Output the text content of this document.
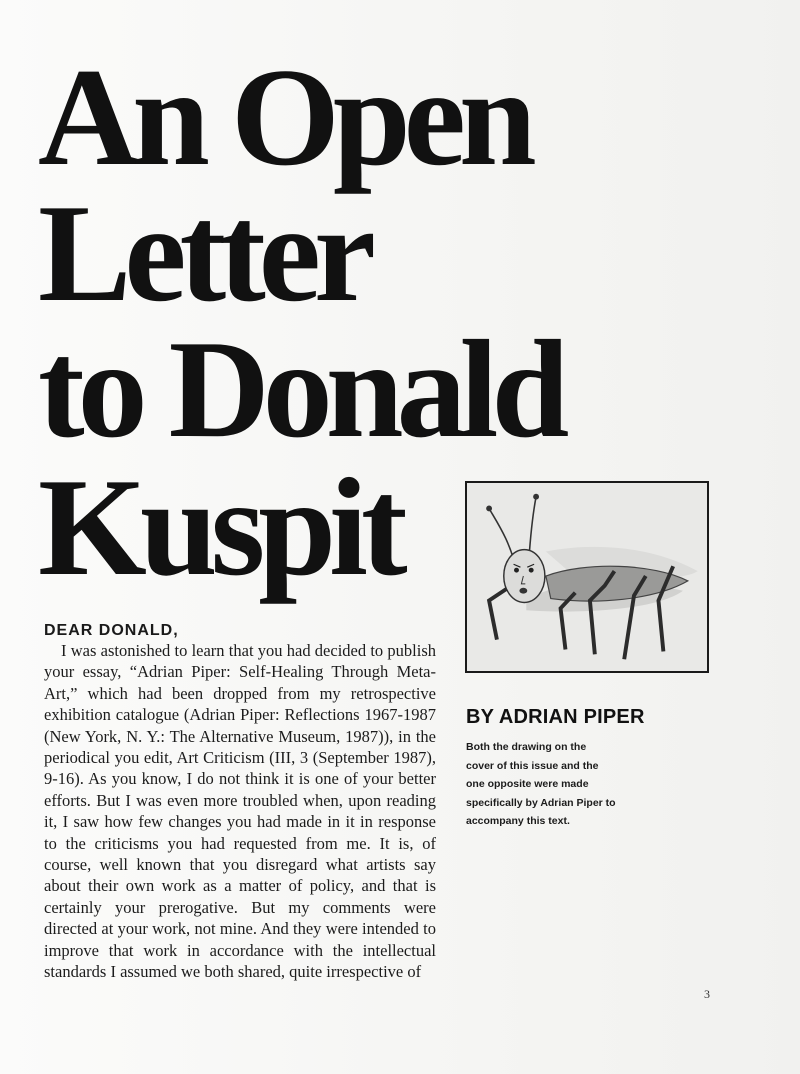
An Open
Letter
to Donald
Kuspit

DEAR DONALD,

I was astonished to learn that you had decided to publish your essay, “Adrian Piper: Self-Healing Through Meta-Art,” which had been dropped from my retrospective exhibition catalogue (Adrian Piper: Reflections 1967-1987 (New York, N. Y.: The Alternative Museum, 1987)), in the periodical you edit, Art Criticism (III, 3 (September 1987), 9-16). As you know, I do not think it is one of your better efforts. But I was even more troubled when, upon reading it, I saw how few changes you had made in it in response to the criticisms you had requested from me. It is, of course, well known that you disregard what artists say about their own work as a matter of policy, and that is certainly your prerogative. But my comments were directed at your work, not mine. And they were intended to improve that work in accordance with the intellectual standards I assumed we both shared, quite irrespective of

BY ADRIAN PIPER

Both the drawing on the cover of this issue and the one opposite were made specifically by Adrian Piper to accompany this text.

3
